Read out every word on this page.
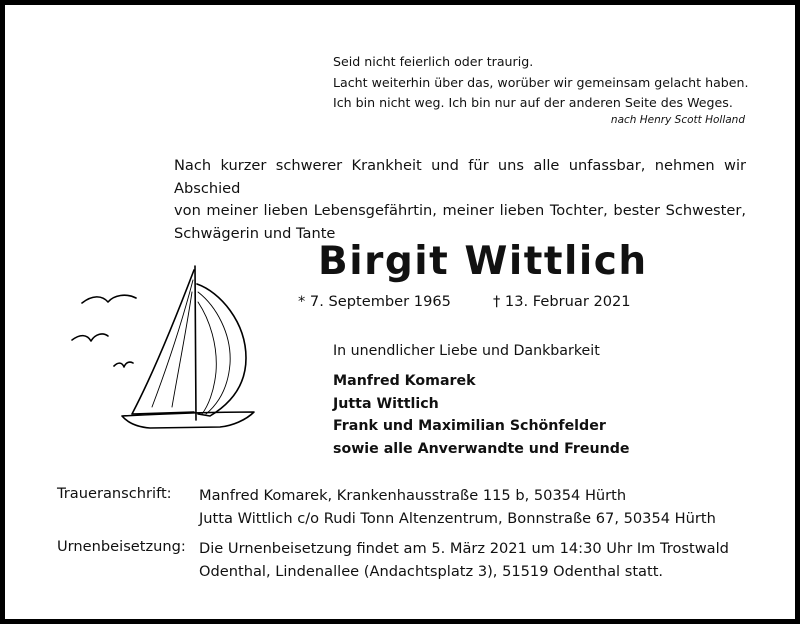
Seid nicht feierlich oder traurig.
Lacht weiterhin über das, worüber wir gemeinsam gelacht haben.
Ich bin nicht weg. Ich bin nur auf der anderen Seite des Weges.
nach Henry Scott Holland
Nach kurzer schwerer Krankheit und für uns alle unfassbar, nehmen wir Abschied
von meiner lieben Lebensgefährtin, meiner lieben Tochter, bester Schwester,
Schwägerin und Tante
Birgit Wittlich
* 7. September 1965	† 13. Februar 2021
In unendlicher Liebe und Dankbarkeit
Manfred Komarek
Jutta Wittlich
Frank und Maximilian Schönfelder
sowie alle Anverwandte und Freunde
Traueranschrift: Manfred Komarek, Krankenhausstraße 115 b, 50354 Hürth
Jutta Wittlich c/o Rudi Tonn Altenzentrum, Bonnstraße 67, 50354 Hürth
Urnenbeisetzung: Die Urnenbeisetzung findet am 5. März 2021 um 14:30 Uhr Im Trostwald
Odenthal, Lindenallee (Andachtsplatz 3), 51519 Odenthal statt.
